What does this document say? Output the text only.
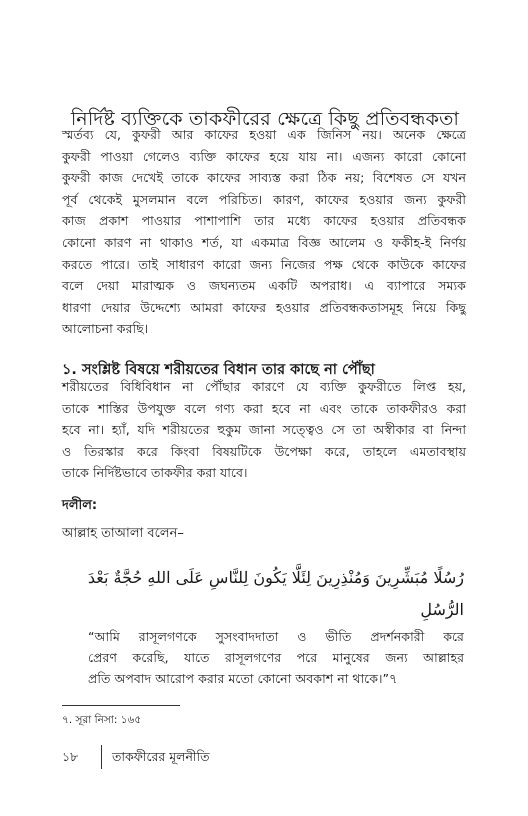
নির্দিষ্ট ব্যক্তিকে তাকফীরের ক্ষেত্রে কিছু প্রতিবন্ধকতা
স্মর্তব্য যে, কুফরী আর কাফের হওয়া এক জিনিস নয়। অনেক ক্ষেত্রে
কুফরী পাওয়া গেলেও ব্যক্তি কাফের হয়ে যায় না। এজন্য কারো কোনো
কুফরী কাজ দেখেই তাকে কাফের সাব্যস্ত করা ঠিক নয়; বিশেষত সে যখন
পূর্ব থেকেই মুসলমান বলে পরিচিত। কারণ, কাফের হওয়ার জন্য কুফরী
কাজ প্রকাশ পাওয়ার পাশাপাশি তার মধ্যে কাফের হওয়ার প্রতিবন্ধক
কোনো কারণ না থাকাও শর্ত, যা একমাত্র বিজ্ঞ আলেম ও ফকীহ-ই নির্ণয়
করতে পারে। তাই সাধারণ কারো জন্য নিজের পক্ষ থেকে কাউকে কাফের
বলে দেয়া মারাত্মক ও জঘন্যতম একটি অপরাধ। এ ব্যাপারে সম্যক
ধারণা দেয়ার উদ্দেশ্যে আমরা কাফের হওয়ার প্রতিবন্ধকতাসমূহ নিয়ে কিছু
আলোচনা করছি।
১. সংশ্লিষ্ট বিষয়ে শরীয়তের বিধান তার কাছে না পৌঁছা
শরীয়তের বিধিবিধান না পৌঁছার কারণে যে ব্যক্তি কুফরীতে লিপ্ত হয়,
তাকে শাস্তির উপযুক্ত বলে গণ্য করা হবে না এবং তাকে তাকফীরও করা
হবে না। হ্যাঁ, যদি শরীয়তের হুকুম জানা সত্ত্বেও সে তা অস্বীকার বা নিন্দা
ও তিরস্কার করে কিংবা বিষয়টিকে উপেক্ষা করে, তাহলে এমতাবস্থায়
তাকে নির্দিষ্টভাবে তাকফীর করা যাবে।
দলীল:
আল্লাহ তাআলা বলেন–
رُسُلًا مُبَشِّرِينَ وَمُنْذِرِينَ لِئَلَّا يَكُونَ لِلنَّاسِ عَلَى اللهِ حُجَّةٌ بَعْدَ
الرُّسُلِ
“আমি রাসূলগণকে সুসংবাদদাতা ও ভীতি প্রদর্শনকারী করে
প্রেরণ করেছি, যাতে রাসূলগণের পরে মানুষের জন্য আল্লাহর
প্রতি অপবাদ আরোপ করার মতো কোনো অবকাশ না থাকে।”৭
৭. সূরা নিসা: ১৬৫
১৮	তাকফীরের মূলনীতি
